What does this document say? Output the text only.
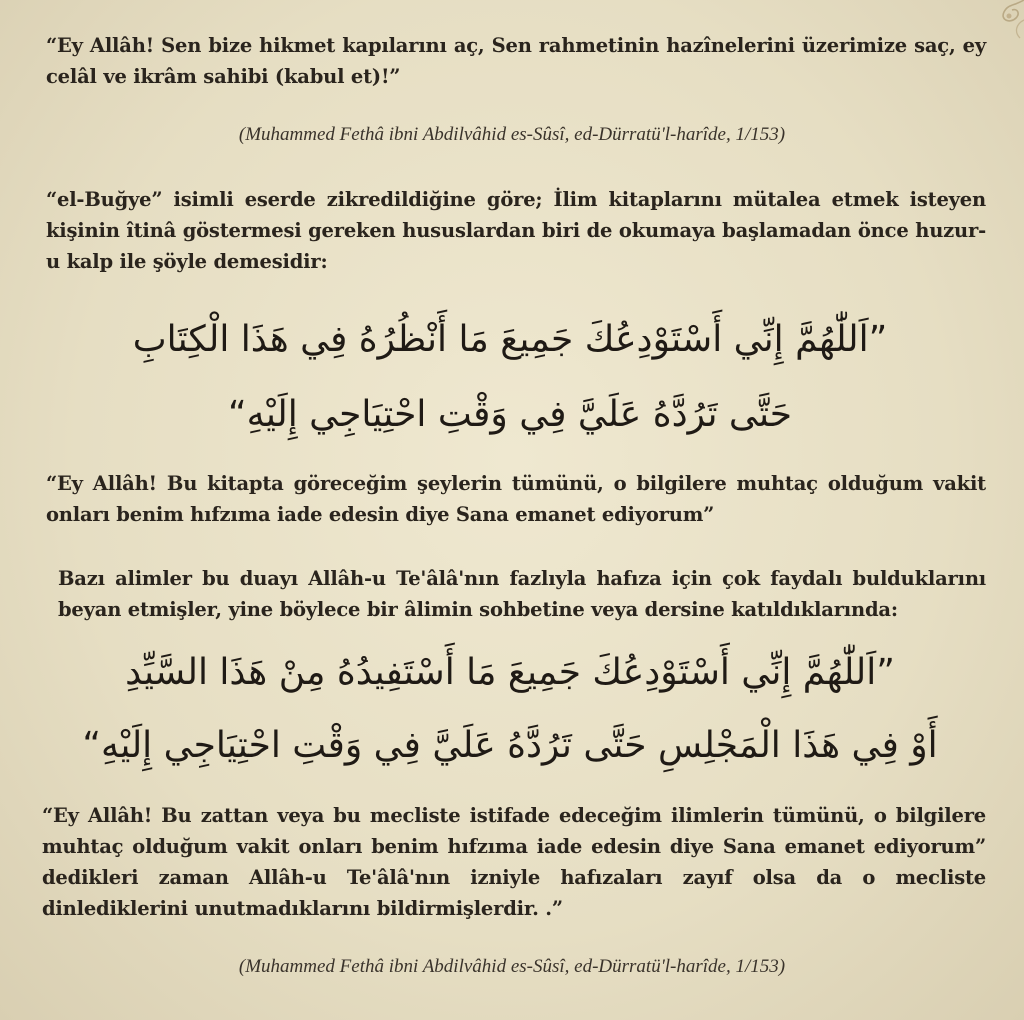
“Ey Allâh! Sen bize hikmet kapılarını aç, Sen rahmetinin hazînelerini üzerimize saç, ey celâl ve ikrâm sahibi (kabul et)!”
(Muhammed Fethâ ibni Abdilvâhid es-Sûsî, ed-Dürratü'l-harîde, 1/153)
“el-Buğye” isimli eserde zikredildiğine göre; İlim kitaplarını mütalea etmek isteyen kişinin îtinâ göstermesi gereken hususlardan biri de okumaya başlamadan önce huzur-u kalp ile şöyle demesidir:
”اَللّٰهُمَّ إِنِّي أَسْتَوْدِعُكَ جَمِيعَ مَا أَنْظُرُهُ فِي هَذَا الْكِتَابِ
حَتَّى تَرُدَّهُ عَلَيَّ فِي وَقْتِ احْتِيَاجِي إِلَيْهِ“
“Ey Allâh! Bu kitapta göreceğim şeylerin tümünü, o bilgilere muhtaç olduğum vakit onları benim hıfzıma iade edesin diye Sana emanet ediyorum”
Bazı alimler bu duayı Allâh-u Te'âlâ'nın fazlıyla hafıza için çok faydalı bulduklarını beyan etmişler, yine böylece bir âlimin sohbetine veya dersine katıldıklarında:
”اَللّٰهُمَّ إِنِّي أَسْتَوْدِعُكَ جَمِيعَ مَا أَسْتَفِيدُهُ مِنْ هَذَا السَّيِّدِ
أَوْ فِي هَذَا الْمَجْلِسِ حَتَّى تَرُدَّهُ عَلَيَّ فِي وَقْتِ احْتِيَاجِي إِلَيْهِ“
“Ey Allâh! Bu zattan veya bu mecliste istifade edeceğim ilimlerin tümünü, o bilgilere muhtaç olduğum vakit onları benim hıfzıma iade edesin diye Sana emanet ediyorum” dedikleri zaman Allâh-u Te'âlâ'nın izniyle hafızaları zayıf olsa da o mecliste dinlediklerini unutmadıklarını bildirmişlerdir. .”
(Muhammed Fethâ ibni Abdilvâhid es-Sûsî, ed-Dürratü'l-harîde, 1/153)
